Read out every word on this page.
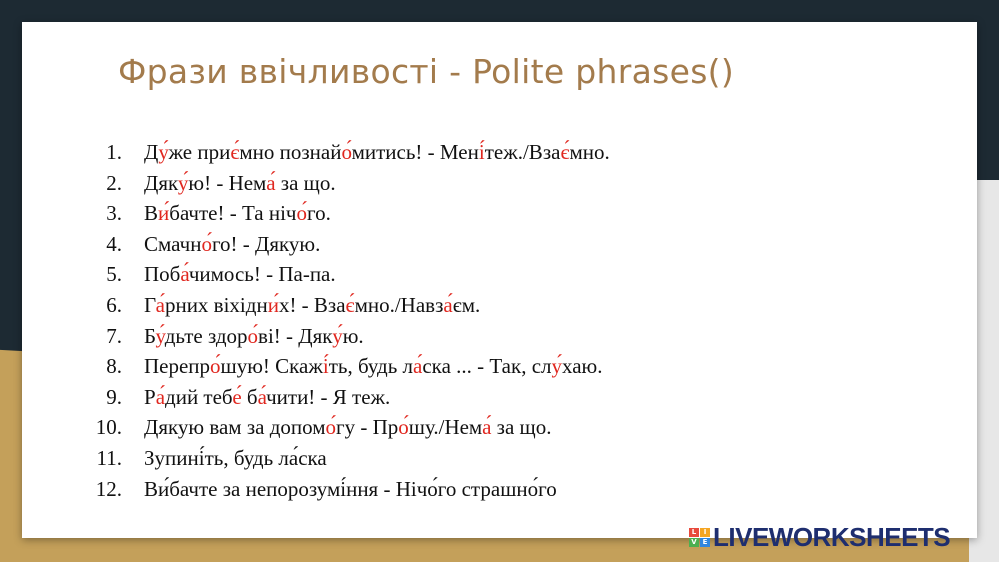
Фрази ввічливості - Polite phrases()
1. Ду́же приє́мно познайо́митись! - Мені́теж./Взає́мно.
2. Дяку́ю! - Нема́ за що.
3. Ви́бачте! - Та нічо́го.
4. Смачно́го! - Дякую.
5. Поба́чимось! - Па-па.
6. Га́рних віхідни́х! - Взає́мно./Навза́єм.
7. Бу́дьте здоро́ві! - Дяку́ю.
8. Перепро́шую! Скажі́ть, будь ла́ска ... - Так, слу́хаю.
9. Ра́дий тебе́ ба́чити! - Я теж.
10. Дякую вам за допомо́гу - Про́шу./Нема́ за що.
11. Зупині́ть, будь ла́ска
12. Ви́бачте за непорозумі́ння - Нічо́го страшно́го
L	I
V E LIVEWORKSHEETS
